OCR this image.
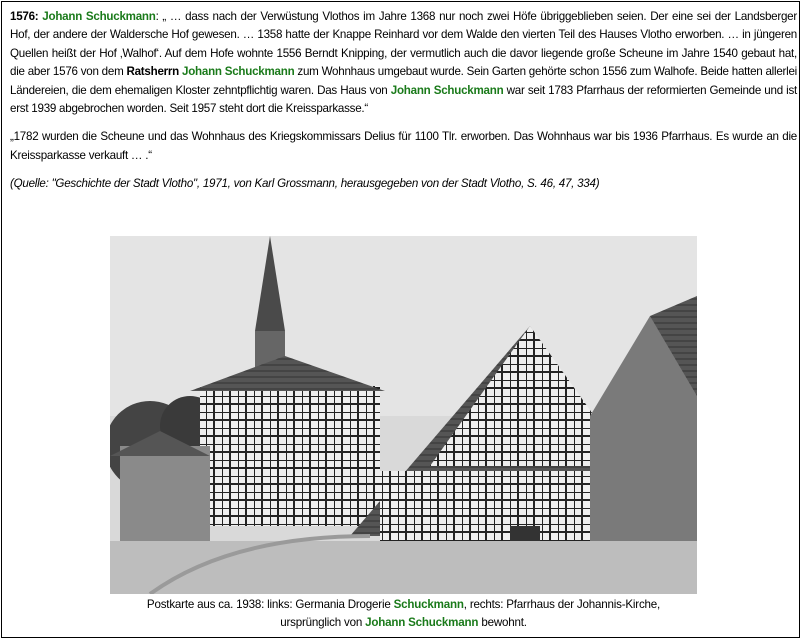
1576: Johann Schuckmann: „ … dass nach der Verwüstung Vlothos im Jahre 1368 nur noch zwei Höfe übriggeblieben seien. Der eine sei der Landsberger Hof, der andere der Waldersche Hof gewesen. … 1358 hatte der Knappe Reinhard vor dem Walde den vierten Teil des Hauses Vlotho erworben. … in jüngeren Quellen heißt der Hof ‚Walhof‘. Auf dem Hofe wohnte 1556 Berndt Knipping, der vermutlich auch die davor liegende große Scheune im Jahre 1540 gebaut hat, die aber 1576 von dem Ratsherrn Johann Schuckmann zum Wohnhaus umgebaut wurde. Sein Garten gehörte schon 1556 zum Walhofe. Beide hatten allerlei Ländereien, die dem ehemaligen Kloster zehntpflichtig waren. Das Haus von Johann Schuckmann war seit 1783 Pfarrhaus der reformierten Gemeinde und ist erst 1939 abgebrochen worden. Seit 1957 steht dort die Kreissparkasse.“

„1782 wurden die Scheune und das Wohnhaus des Kriegskommissars Delius für 1100 Tlr. erworben. Das Wohnhaus war bis 1936 Pfarrhaus. Es wurde an die Kreissparkasse verkauft … .“

(Quelle: "Geschichte der Stadt Vlotho", 1971, von Karl Grossmann, herausgegeben von der Stadt Vlotho, S. 46, 47, 334)

Postkarte aus ca. 1938: links: Germania Drogerie Schuckmann, rechts: Pfarrhaus der Johannis-Kirche,
ursprünglich von Johann Schuckmann bewohnt.
